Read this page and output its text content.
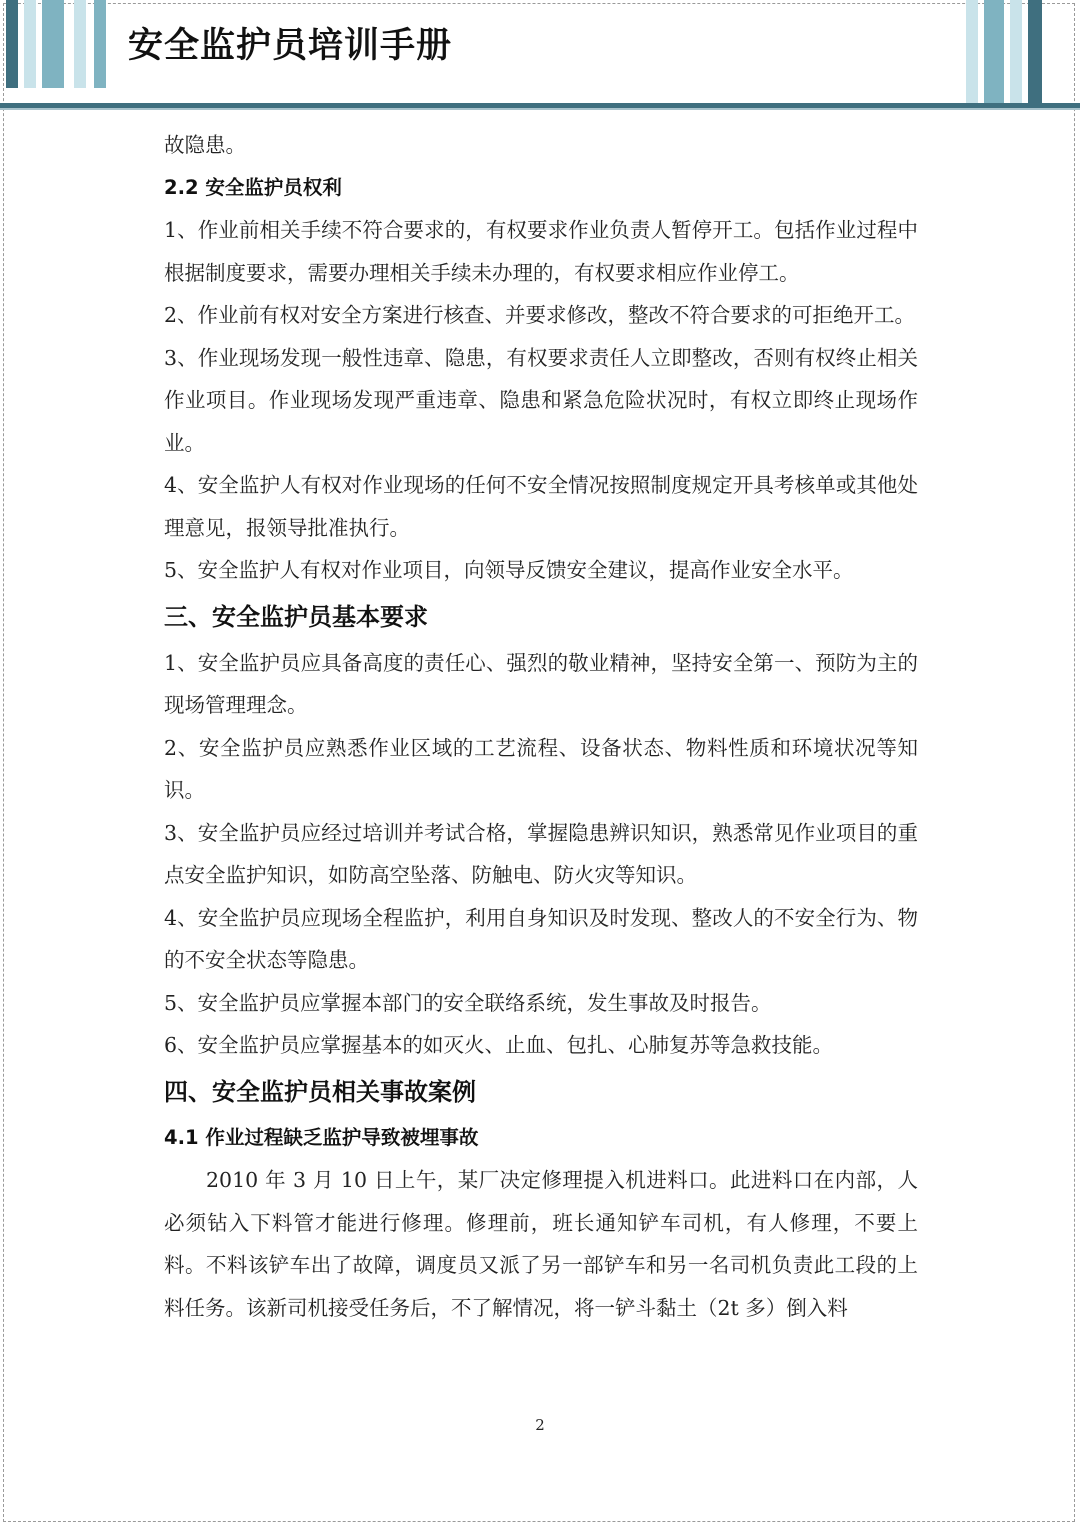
安全监护员培训手册

故隐患。

2.2 安全监护员权利

1、作业前相关手续不符合要求的，有权要求作业负责人暂停开工。包括作业过程中根据制度要求，需要办理相关手续未办理的，有权要求相应作业停工。

2、作业前有权对安全方案进行核查、并要求修改，整改不符合要求的可拒绝开工。

3、作业现场发现一般性违章、隐患，有权要求责任人立即整改，否则有权终止相关作业项目。作业现场发现严重违章、隐患和紧急危险状况时，有权立即终止现场作业。

4、安全监护人有权对作业现场的任何不安全情况按照制度规定开具考核单或其他处理意见，报领导批准执行。

5、安全监护人有权对作业项目，向领导反馈安全建议，提高作业安全水平。

三、安全监护员基本要求

1、安全监护员应具备高度的责任心、强烈的敬业精神，坚持安全第一、预防为主的现场管理理念。

2、安全监护员应熟悉作业区域的工艺流程、设备状态、物料性质和环境状况等知识。

3、安全监护员应经过培训并考试合格，掌握隐患辨识知识，熟悉常见作业项目的重点安全监护知识，如防高空坠落、防触电、防火灾等知识。

4、安全监护员应现场全程监护，利用自身知识及时发现、整改人的不安全行为、物的不安全状态等隐患。

5、安全监护员应掌握本部门的安全联络系统，发生事故及时报告。

6、安全监护员应掌握基本的如灭火、止血、包扎、心肺复苏等急救技能。

四、安全监护员相关事故案例

4.1 作业过程缺乏监护导致被埋事故

2010 年 3 月 10 日上午，某厂决定修理提入机进料口。此进料口在内部，人必须钻入下料管才能进行修理。修理前，班长通知铲车司机，有人修理，不要上料。不料该铲车出了故障，调度员又派了另一部铲车和另一名司机负责此工段的上料任务。该新司机接受任务后，不了解情况，将一铲斗黏土（2t 多）倒入料

2
